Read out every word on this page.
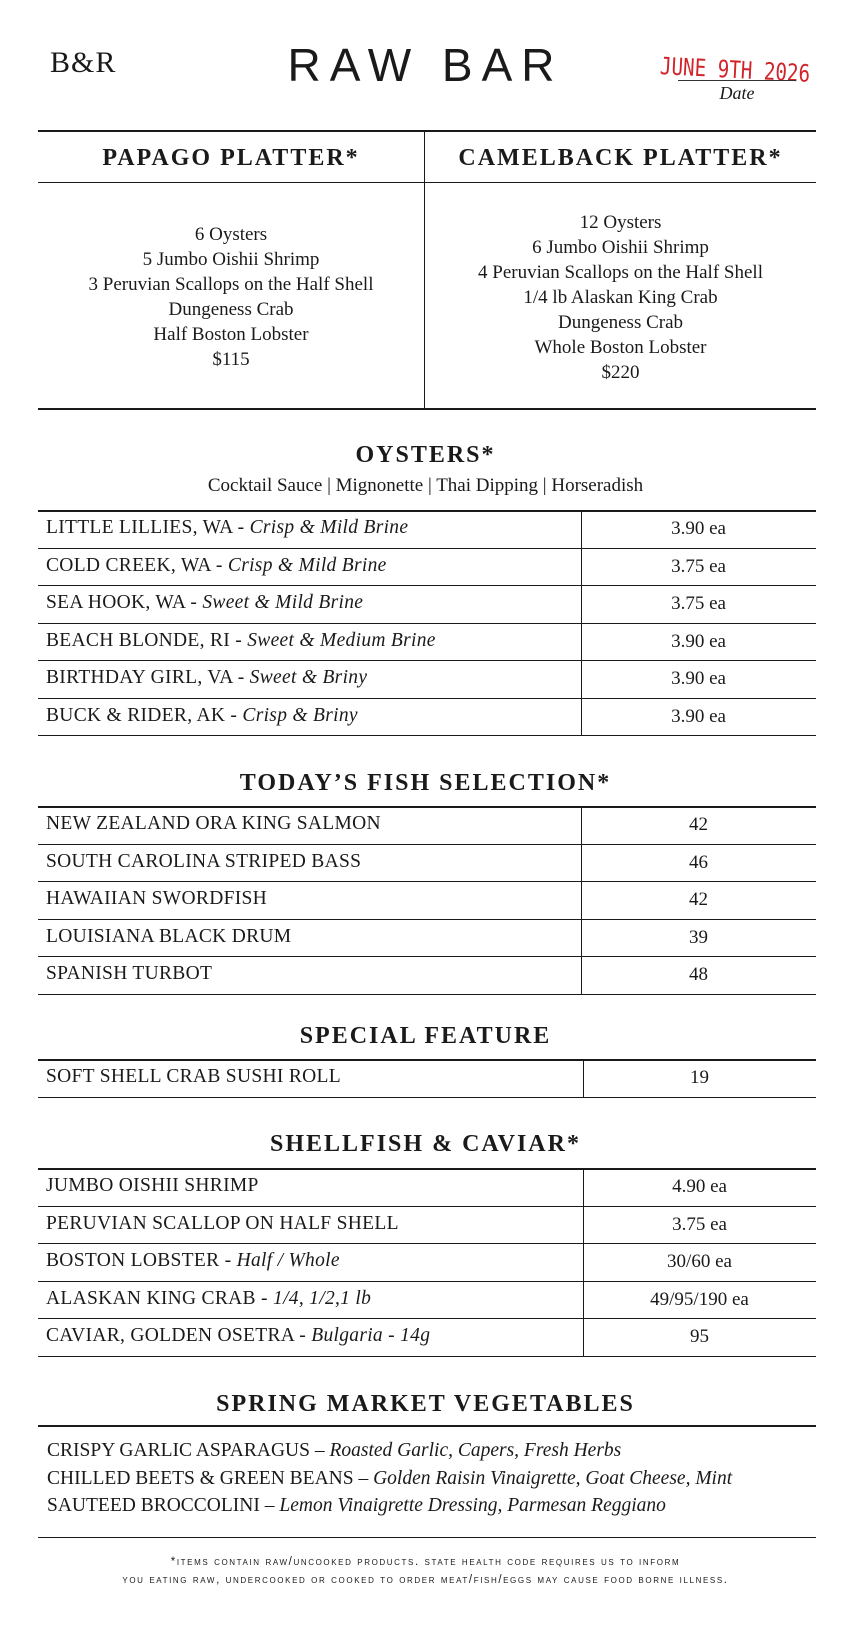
B&R	RAW BAR	JUNE 9TH 2026
Date
PAPAGO PLATTER*	CAMELBACK PLATTER*
6 Oysters
5 Jumbo Oishii Shrimp
3 Peruvian Scallops on the Half Shell
Dungeness Crab
Half Boston Lobster
$115
12 Oysters
6 Jumbo Oishii Shrimp
4 Peruvian Scallops on the Half Shell
1/4 lb Alaskan King Crab
Dungeness Crab
Whole Boston Lobster
$220
OYSTERS*
Cocktail Sauce | Mignonette | Thai Dipping | Horseradish
LITTLE LILLIES, WA - Crisp & Mild Brine	3.90 ea
COLD CREEK, WA - Crisp & Mild Brine	3.75 ea
SEA HOOK, WA - Sweet & Mild Brine	3.75 ea
BEACH BLONDE, RI - Sweet & Medium Brine	3.90 ea
BIRTHDAY GIRL, VA - Sweet & Briny	3.90 ea
BUCK & RIDER, AK - Crisp & Briny	3.90 ea
TODAY’S FISH SELECTION*
NEW ZEALAND ORA KING SALMON	42
SOUTH CAROLINA STRIPED BASS	46
HAWAIIAN SWORDFISH	42
LOUISIANA BLACK DRUM	39
SPANISH TURBOT	48
SPECIAL FEATURE
SOFT SHELL CRAB SUSHI ROLL	19
SHELLFISH & CAVIAR*
JUMBO OISHII SHRIMP	4.90 ea
PERUVIAN SCALLOP ON HALF SHELL	3.75 ea
BOSTON LOBSTER - Half / Whole	30/60 ea
ALASKAN KING CRAB - 1/4, 1/2,1 lb	49/95/190 ea
CAVIAR, GOLDEN OSETRA - Bulgaria - 14g	95
SPRING MARKET VEGETABLES
CRISPY GARLIC ASPARAGUS – Roasted Garlic, Capers, Fresh Herbs
CHILLED BEETS & GREEN BEANS – Golden Raisin Vinaigrette, Goat Cheese, Mint
SAUTEED BROCCOLINI – Lemon Vinaigrette Dressing, Parmesan Reggiano
*items contain raw/uncooked products. state health code requires us to inform
you eating raw, undercooked or cooked to order meat/fish/eggs may cause food borne illness.
